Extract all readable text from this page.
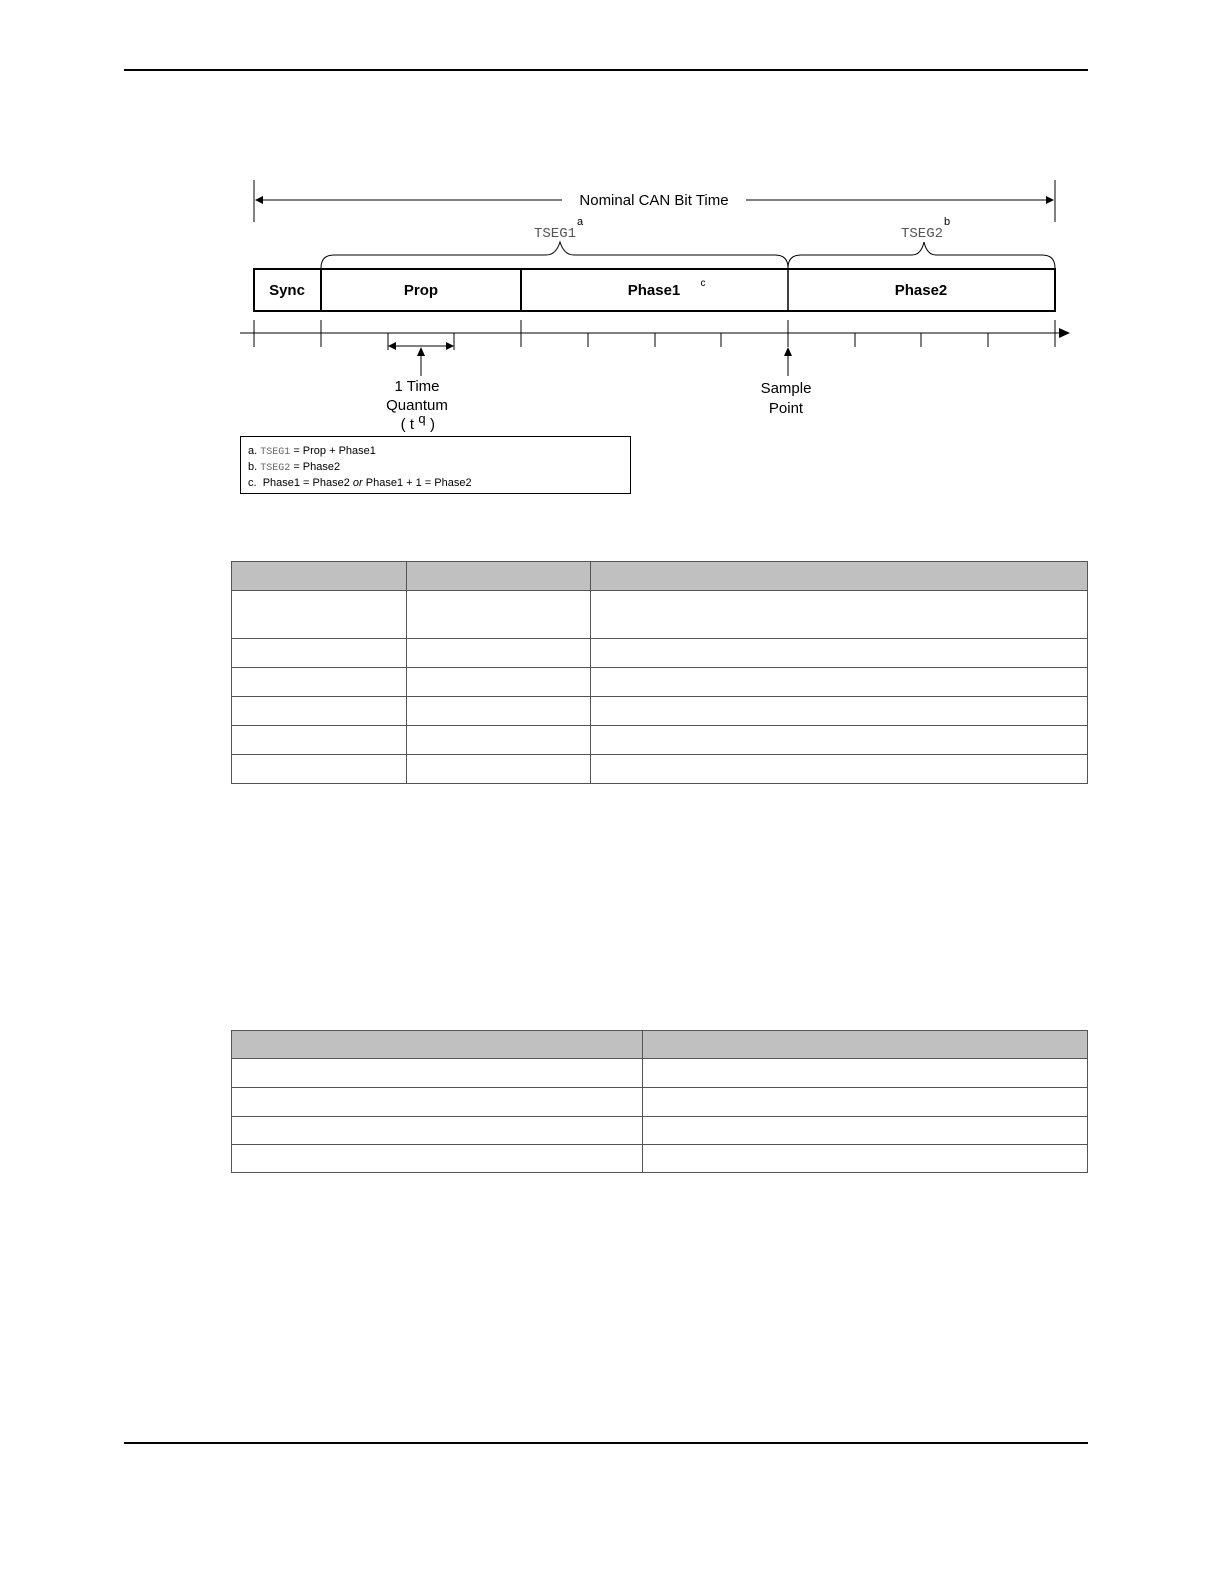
Nominal CAN Bit Time
TSEG1
a
TSEG2
b
Sync	Prop	Phase1 c	Phase2
1 Time
Quantum
( t q )
Sample
Point
a. TSEG1 = Prop + Phase1
b. TSEG2 = Phase2
c. Phase1 = Phase2 or Phase1 + 1 = Phase2
